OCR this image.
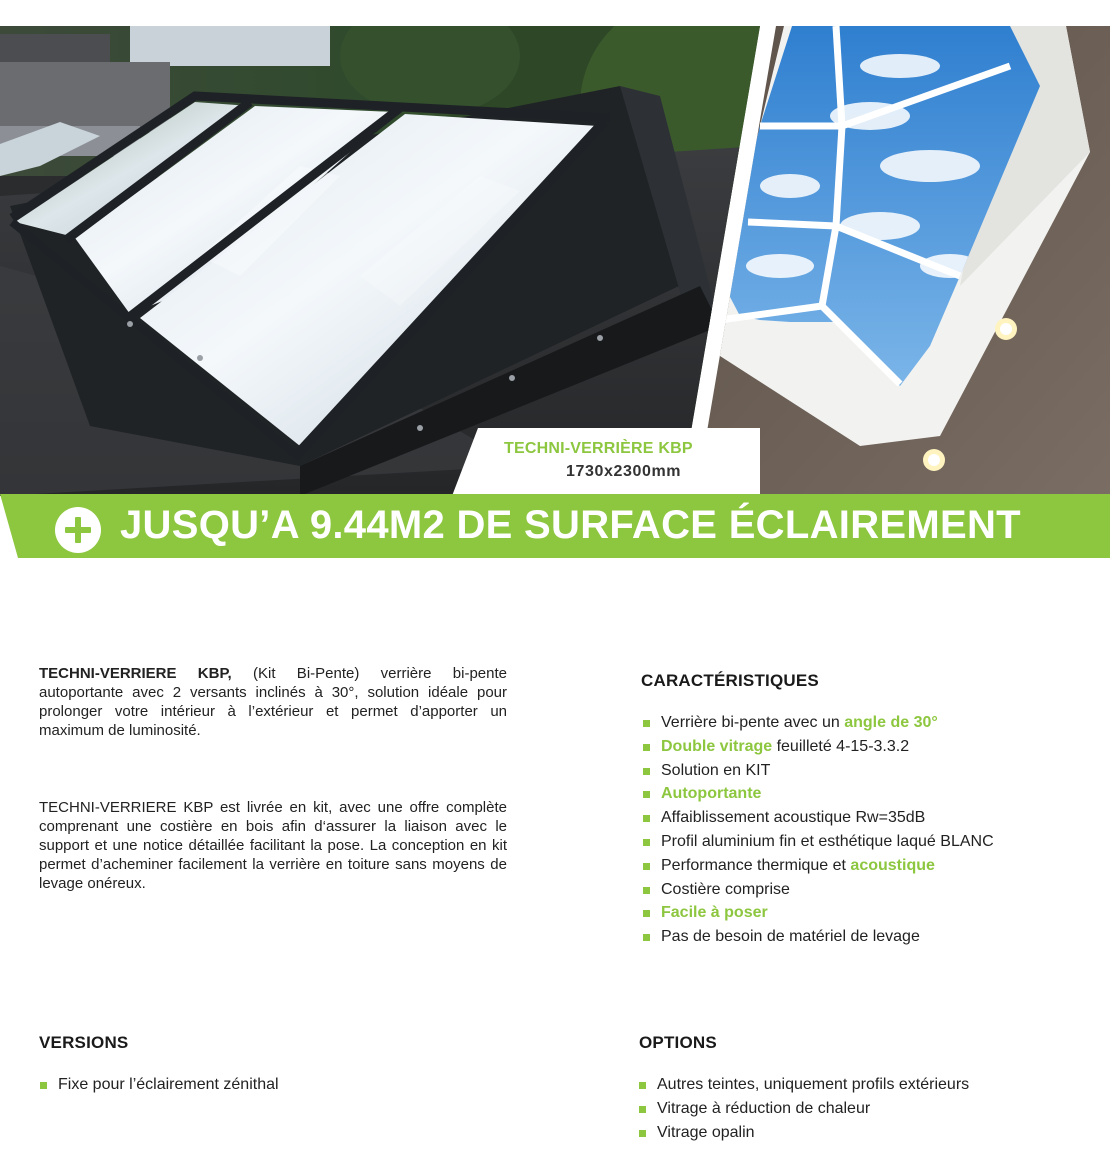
TECHNI-VERRIÈRE KBP
1730x2300mm
JUSQU’A 9.44M2 DE SURFACE ÉCLAIREMENT

TECHNI-VERRIERE KBP, (Kit Bi-Pente) verrière bi-pente autoportante avec 2 versants inclinés à 30°, solution idéale pour prolonger votre intérieur à l’extérieur et permet d’apporter un maximum de luminosité.

TECHNI-VERRIERE KBP est livrée en kit, avec une offre complète comprenant une costière en bois afin d‘assurer la liaison avec le support et une notice détaillée facilitant la pose. La conception en kit permet d’acheminer facilement la verrière en toiture sans moyens de levage onéreux.

CARACTÉRISTIQUES
Verrière bi-pente avec un angle de 30°
Double vitrage feuilleté 4-15-3.3.2
Solution en KIT
Autoportante
Affaiblissement acoustique Rw=35dB
Profil aluminium fin et esthétique laqué BLANC
Performance thermique et acoustique
Costière comprise
Facile à poser
Pas de besoin de matériel de levage
VERSIONS
Fixe pour l’éclairement zénithal
OPTIONS
Autres teintes, uniquement profils extérieurs
Vitrage à réduction de chaleur
Vitrage opalin
